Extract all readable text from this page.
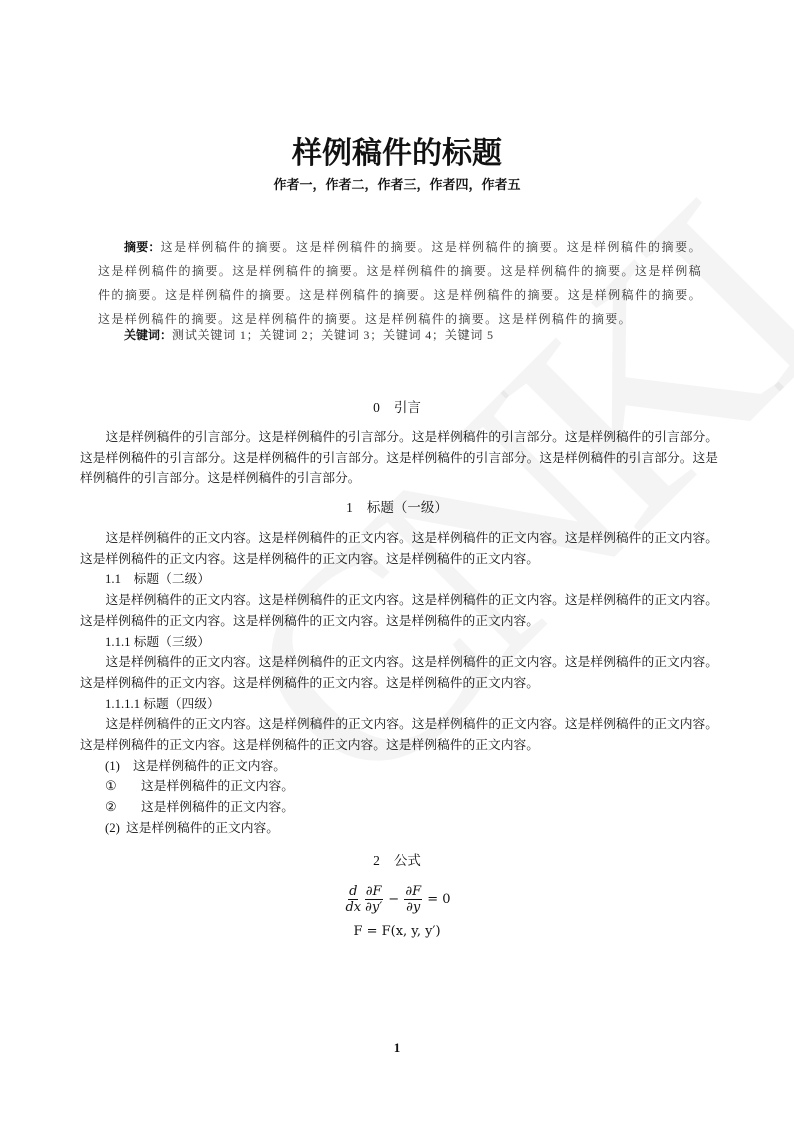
样例稿件的标题
作者一，作者二，作者三，作者四，作者五
摘要：这是样例稿件的摘要。这是样例稿件的摘要。这是样例稿件的摘要。这是样例稿件的摘要。这是样例稿件的摘要。这是样例稿件的摘要。这是样例稿件的摘要。这是样例稿件的摘要。这是样例稿件的摘要。这是样例稿件的摘要。这是样例稿件的摘要。这是样例稿件的摘要。这是样例稿件的摘要。这是样例稿件的摘要。这是样例稿件的摘要。这是样例稿件的摘要。这是样例稿件的摘要。
关键词：测试关键词 1；关键词 2；关键词 3；关键词 4；关键词 5
0 引言

这是样例稿件的引言部分。这是样例稿件的引言部分。这是样例稿件的引言部分。这是样例稿件的引言部分。这是样例稿件的引言部分。这是样例稿件的引言部分。这是样例稿件的引言部分。这是样例稿件的引言部分。这是样例稿件的引言部分。这是样例稿件的引言部分。

1 标题（一级）

这是样例稿件的正文内容。这是样例稿件的正文内容。这是样例稿件的正文内容。这是样例稿件的正文内容。这是样例稿件的正文内容。这是样例稿件的正文内容。这是样例稿件的正文内容。

1.1　标题（二级）

这是样例稿件的正文内容。这是样例稿件的正文内容。这是样例稿件的正文内容。这是样例稿件的正文内容。这是样例稿件的正文内容。这是样例稿件的正文内容。这是样例稿件的正文内容。

1.1.1 标题（三级）

这是样例稿件的正文内容。这是样例稿件的正文内容。这是样例稿件的正文内容。这是样例稿件的正文内容。这是样例稿件的正文内容。这是样例稿件的正文内容。这是样例稿件的正文内容。

1.1.1.1 标题（四级）

这是样例稿件的正文内容。这是样例稿件的正文内容。这是样例稿件的正文内容。这是样例稿件的正文内容。这是样例稿件的正文内容。这是样例稿件的正文内容。这是样例稿件的正文内容。

(1) 这是样例稿件的正文内容。

① 这是样例稿件的正文内容。

② 这是样例稿件的正文内容。

(2) 这是样例稿件的正文内容。

2 公式
$\frac{d}{dx} \frac{\partial F}{\partial y'} - \frac{\partial F}{\partial y} = 0$
F = F(x, y, y′)
1
